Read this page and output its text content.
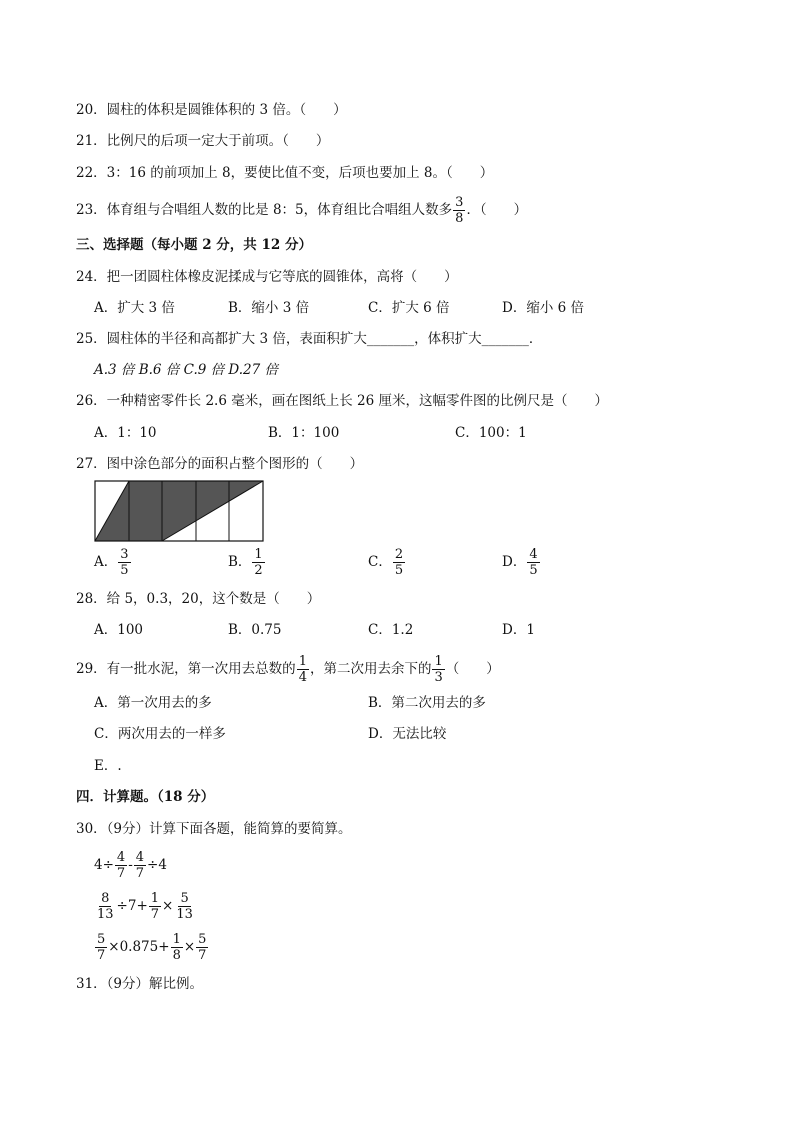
20．圆柱的体积是圆锥体积的 3 倍。（　　）
21．比例尺的后项一定大于前项。（　　）
22．3：16 的前项加上 8，要使比值不变，后项也要加上 8。（　　）
23．体育组与合唱组人数的比是 8：5，体育组比合唱组人数多 $\frac{3}{8}$ ．（　　）
三、选择题（每小题 2 分，共 12 分）
24．把一团圆柱体橡皮泥揉成与它等底的圆锥体，高将（　　）
A．扩大 3 倍	B．缩小 3 倍	C．扩大 6 倍	D．缩小 6 倍
25．圆柱体的半径和高都扩大 3 倍，表面积扩大_______，体积扩大_______．
A.3 倍 B.6 倍 C.9 倍 D.27 倍
26．一种精密零件长 2.6 毫米，画在图纸上长 26 厘米，这幅零件图的比例尺是（　　）
A．1：10	B．1：100	C．100：1
27．图中涂色部分的面积占整个图形的（　　）
A． $\frac{3}{5}$	B． $\frac{1}{2}$	C． $\frac{2}{5}$	D． $\frac{4}{5}$
28．给 5，0.3，20，这个数是（　　）
A．100	B．0.75	C．1.2	D．1
29．有一批水泥，第一次用去总数的 $\frac{1}{4}$ ，第二次用去余下的 $\frac{1}{3}$ （　　）
A．第一次用去的多	B．第二次用去的多
C．两次用去的一样多	D．无法比较
E．.
四．计算题。（18 分）
30．（9分）计算下面各题，能简算的要简算。
$4\div \frac{4}{7} - \frac{4}{7} \div 4$
$\frac{8}{13} \div 7+ \frac{1}{7} \times \frac{5}{13}$
$\frac{5}{7} \times 0.875+ \frac{1}{8} \times \frac{5}{7}$
31．（9分）解比例。
